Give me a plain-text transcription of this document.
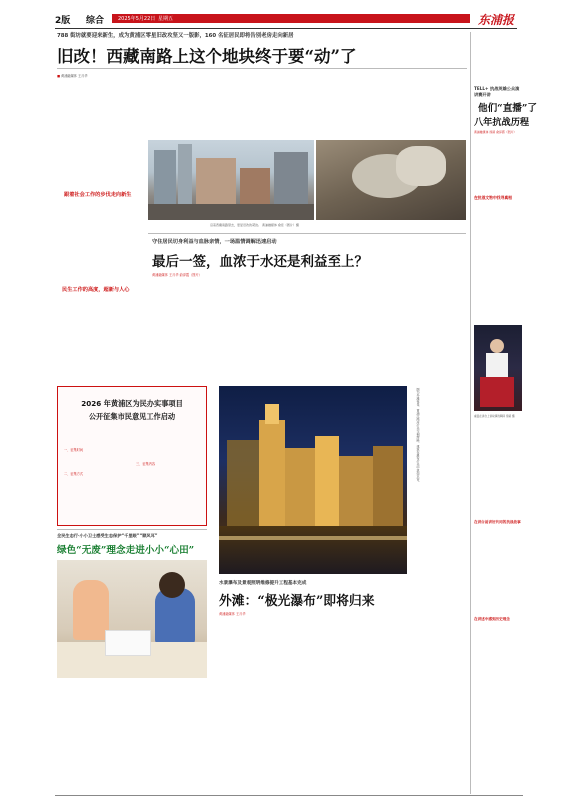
2版 综合	2025年5月22日 星期五	东浦报
788 街坊就要迎来新生，成为黄浦区零星旧改攻坚又一版影，160 名征居民即将告别老房走向新居
旧改！西藏南路上这个地块终于要“动”了
■ 黄浦融媒体 王月华
跟着社会工作的步伐走向新生
民生工作的高度，超新与人心
沿着西藏南路望去，更显旧改的紧迫。 黄浦融媒体 俞佳（图片）摄
守住居民切身利益与血脉亲情，一场温情调解迅速启动
最后一签，血浓于水还是利益至上？
黄浦融媒体 王月华 俞泽霞（图片）
2026 年黄浦区为民办实事项目
公开征集市民意见工作启动
一、征集时间
二、征集方式
三、征集内容	图为外滩夜景，黄浦江两岸灯光交相辉映，建筑在瀑布灯光中犹如水帘。
全民生态行·小小卫士感受生态保护“千里眼”“顺风耳”
绿色“无废”理念走进小小“心田”
水景瀑布及景观照明维修提升工程基本完成
外滩：“极光瀑布”即将归来
黄浦融媒体 王月华
TELL+ 抗战英雄公众演讲赛开讲
他们“直播”了
八年抗战历程
黄浦融媒体 徐颖 俞泽霞（图片）
在抗战文物中找寻真相
重温在讲台上讲故事的瞬间 徐颖 摄
在讲台前讲好共同的抗战故事
在讲述中感到历史理念
